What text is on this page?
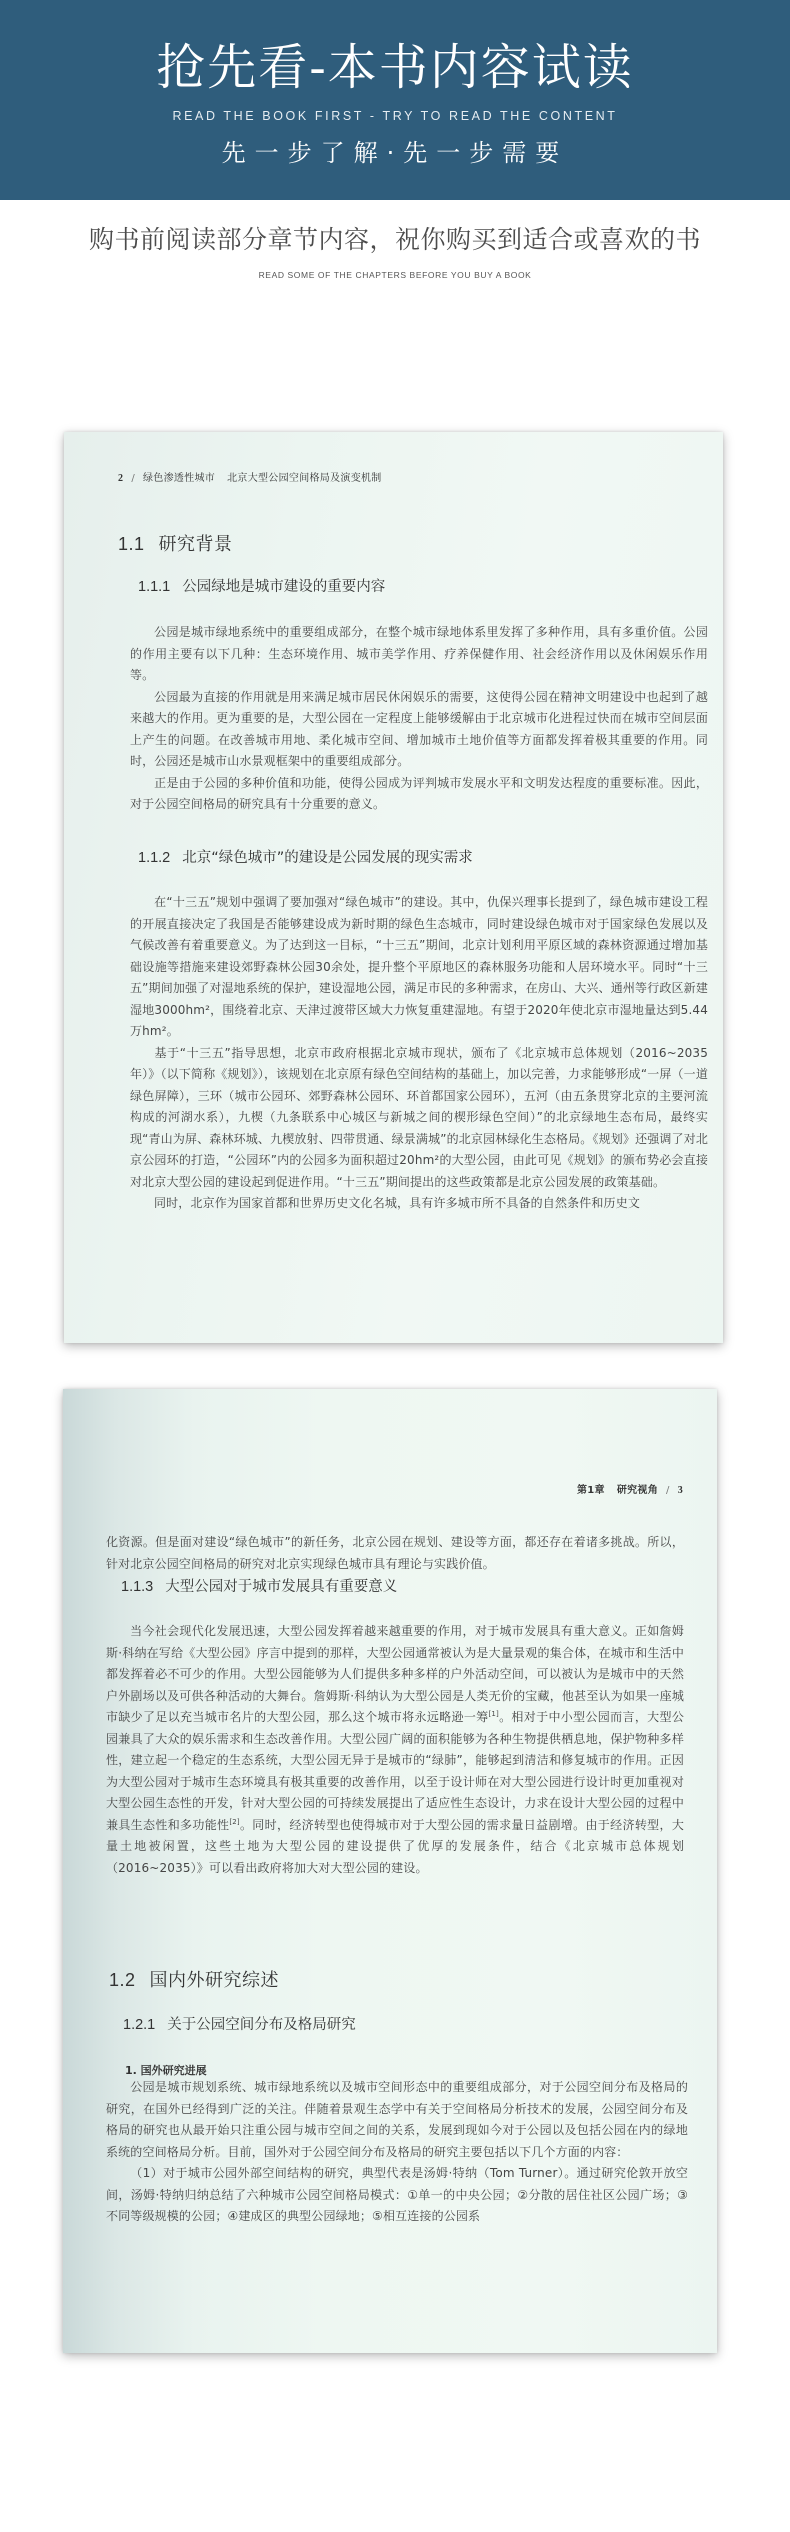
抢先看-本书内容试读
READ THE BOOK FIRST - TRY TO READ THE CONTENT
先一步了解·先一步需要
购书前阅读部分章节内容，祝你购买到适合或喜欢的书
READ SOME OF THE CHAPTERS BEFORE YOU BUY A BOOK
2 / 绿色渗透性城市 北京大型公园空间格局及演变机制
1.1 研究背景
1.1.1 公园绿地是城市建设的重要内容
公园是城市绿地系统中的重要组成部分，在整个城市绿地体系里发挥了多种作用，具有多重价值。公园的作用主要有以下几种：生态环境作用、城市美学作用、疗养保健作用、社会经济作用以及休闲娱乐作用等。
公园最为直接的作用就是用来满足城市居民休闲娱乐的需要，这使得公园在精神文明建设中也起到了越来越大的作用。更为重要的是，大型公园在一定程度上能够缓解由于北京城市化进程过快而在城市空间层面上产生的问题。在改善城市用地、柔化城市空间、增加城市土地价值等方面都发挥着极其重要的作用。同时，公园还是城市山水景观框架中的重要组成部分。
正是由于公园的多种价值和功能，使得公园成为评判城市发展水平和文明发达程度的重要标准。因此，对于公园空间格局的研究具有十分重要的意义。
1.1.2 北京“绿色城市”的建设是公园发展的现实需求
在“十三五”规划中强调了要加强对“绿色城市”的建设。其中，仇保兴理事长提到了，绿色城市建设工程的开展直接决定了我国是否能够建设成为新时期的绿色生态城市，同时建设绿色城市对于国家绿色发展以及气候改善有着重要意义。为了达到这一目标，“十三五”期间，北京计划利用平原区域的森林资源通过增加基础设施等措施来建设郊野森林公园30余处，提升整个平原地区的森林服务功能和人居环境水平。同时“十三五”期间加强了对湿地系统的保护，建设湿地公园，满足市民的多种需求，在房山、大兴、通州等行政区新建湿地3000hm²，围绕着北京、天津过渡带区域大力恢复重建湿地。有望于2020年使北京市湿地量达到5.44万hm²。
基于“十三五”指导思想，北京市政府根据北京城市现状，颁布了《北京城市总体规划（2016~2035年）》（以下简称《规划》），该规划在北京原有绿色空间结构的基础上，加以完善，力求能够形成“一屏（一道绿色屏障），三环（城市公园环、郊野森林公园环、环首都国家公园环），五河（由五条贯穿北京的主要河流构成的河湖水系），九楔（九条联系中心城区与新城之间的楔形绿色空间）”的北京绿地生态布局，最终实现“青山为屏、森林环城、九楔放射、四带贯通、绿景满城”的北京园林绿化生态格局。《规划》还强调了对北京公园环的打造，“公园环”内的公园多为面积超过20hm²的大型公园，由此可见《规划》的颁布势必会直接对北京大型公园的建设起到促进作用。“十三五”期间提出的这些政策都是北京公园发展的政策基础。
同时，北京作为国家首都和世界历史文化名城，具有许多城市所不具备的自然条件和历史文
第1章 研究视角 / 3
化资源。但是面对建设“绿色城市”的新任务，北京公园在规划、建设等方面，都还存在着诸多挑战。所以，针对北京公园空间格局的研究对北京实现绿色城市具有理论与实践价值。
1.1.3 大型公园对于城市发展具有重要意义
当今社会现代化发展迅速，大型公园发挥着越来越重要的作用，对于城市发展具有重大意义。正如詹姆斯·科纳在写给《大型公园》序言中提到的那样，大型公园通常被认为是大量景观的集合体，在城市和生活中都发挥着必不可少的作用。大型公园能够为人们提供多种多样的户外活动空间，可以被认为是城市中的天然户外剧场以及可供各种活动的大舞台。詹姆斯·科纳认为大型公园是人类无价的宝藏，他甚至认为如果一座城市缺少了足以充当城市名片的大型公园，那么这个城市将永远略逊一筹[1]。相对于中小型公园而言，大型公园兼具了大众的娱乐需求和生态改善作用。大型公园广阔的面积能够为各种生物提供栖息地，保护物种多样性，建立起一个稳定的生态系统，大型公园无异于是城市的“绿肺”，能够起到清洁和修复城市的作用。正因为大型公园对于城市生态环境具有极其重要的改善作用，以至于设计师在对大型公园进行设计时更加重视对大型公园生态性的开发，针对大型公园的可持续发展提出了适应性生态设计，力求在设计大型公园的过程中兼具生态性和多功能性[2]。同时，经济转型也使得城市对于大型公园的需求量日益剧增。由于经济转型，大量土地被闲置，这些土地为大型公园的建设提供了优厚的发展条件，结合《北京城市总体规划（2016~2035）》可以看出政府将加大对大型公园的建设。
1.2 国内外研究综述
1.2.1 关于公园空间分布及格局研究
1. 国外研究进展
公园是城市规划系统、城市绿地系统以及城市空间形态中的重要组成部分，对于公园空间分布及格局的研究，在国外已经得到广泛的关注。伴随着景观生态学中有关于空间格局分析技术的发展，公园空间分布及格局的研究也从最开始只注重公园与城市空间之间的关系，发展到现如今对于公园以及包括公园在内的绿地系统的空间格局分析。目前，国外对于公园空间分布及格局的研究主要包括以下几个方面的内容：
（1）对于城市公园外部空间结构的研究，典型代表是汤姆·特纳（Tom Turner）。通过研究伦敦开放空间，汤姆·特纳归纳总结了六种城市公园空间格局模式：①单一的中央公园；②分散的居住社区公园广场；③不同等级规模的公园；④建成区的典型公园绿地；⑤相互连接的公园系
